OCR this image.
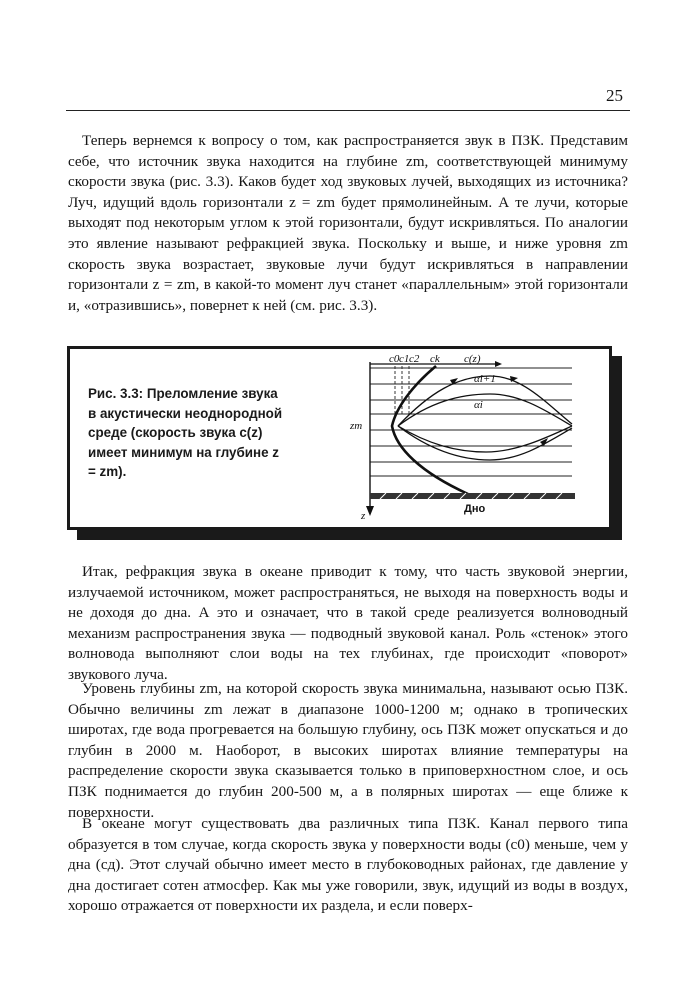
25

Теперь вернемся к вопросу о том, как распространяется звук в ПЗК. Представим себе, что источник звука находится на глубине zm, соответствующей минимуму скорости звука (рис. 3.3). Каков будет ход звуковых лучей, выходящих из источника? Луч, идущий вдоль горизонтали z = zm будет прямолинейным. А те лучи, которые выходят под некоторым углом к этой горизонтали, будут искривляться. По аналогии это явление называют рефракцией звука. Поскольку и выше, и ниже уровня zm скорость звука возрастает, звуковые лучи будут искривляться в направлении горизонтали z = zm, в какой-то момент луч станет «параллельным» этой горизонтали и, «отразившись», повернет к ней (см. рис. 3.3).

Рис. 3.3: Преломление звука в акустически неоднородной среде (скорость звука c(z) имеет минимум на глубине z = zm).
c0 c1 c2 ck c(z)
zm
z
αi+1
αi
Дно

Итак, рефракция звука в океане приводит к тому, что часть звуковой энергии, излучаемой источником, может распространяться, не выходя на поверхность воды и не доходя до дна. А это и означает, что в такой среде реализуется волноводный механизм распространения звука — подводный звуковой канал. Роль «стенок» этого волновода выполняют слои воды на тех глубинах, где происходит «поворот» звукового луча.

Уровень глубины zm, на которой скорость звука минимальна, называют осью ПЗК. Обычно величины zm лежат в диапазоне 1000-1200 м; однако в тропических широтах, где вода прогревается на большую глубину, ось ПЗК может опускаться и до глубин в 2000 м. Наоборот, в высоких широтах влияние температуры на распределение скорости звука сказывается только в приповерхностном слое, и ось ПЗК поднимается до глубин 200-500 м, а в полярных широтах — еще ближе к поверхности.

В океане могут существовать два различных типа ПЗК. Канал первого типа образуется в том случае, когда скорость звука у поверхности воды (c0) меньше, чем у дна (cд). Этот случай обычно имеет место в глубоководных районах, где давление у дна достигает сотен атмосфер. Как мы уже говорили, звук, идущий из воды в воздух, хорошо отражается от поверхности их раздела, и если поверх-
